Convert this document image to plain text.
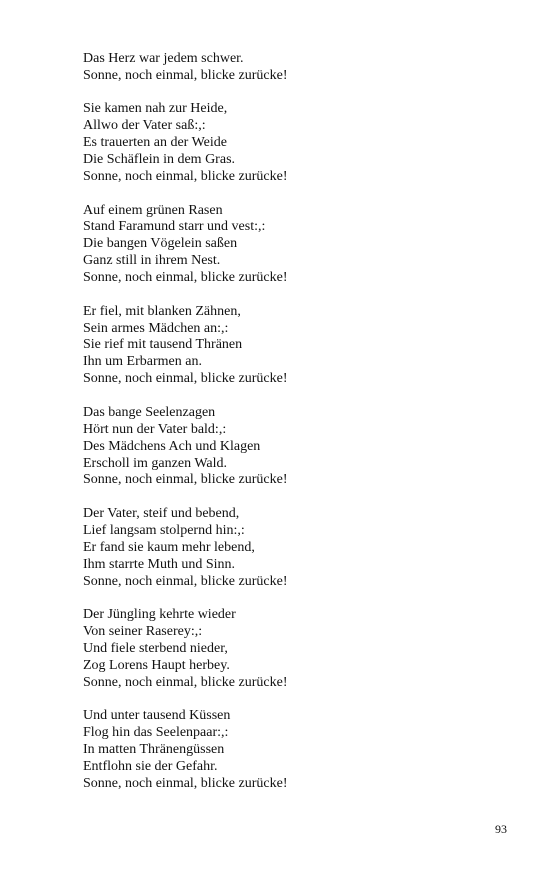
Das Herz war jedem schwer.
Sonne, noch einmal, blicke zurücke!
Sie kamen nah zur Heide,
Allwo der Vater saß:,:
Es trauerten an der Weide
Die Schäflein in dem Gras.
Sonne, noch einmal, blicke zurücke!
Auf einem grünen Rasen
Stand Faramund starr und vest:,:
Die bangen Vögelein saßen
Ganz still in ihrem Nest.
Sonne, noch einmal, blicke zurücke!
Er fiel, mit blanken Zähnen,
Sein armes Mädchen an:,:
Sie rief mit tausend Thränen
Ihn um Erbarmen an.
Sonne, noch einmal, blicke zurücke!
Das bange Seelenzagen
Hört nun der Vater bald:,:
Des Mädchens Ach und Klagen
Erscholl im ganzen Wald.
Sonne, noch einmal, blicke zurücke!
Der Vater, steif und bebend,
Lief langsam stolpernd hin:,:
Er fand sie kaum mehr lebend,
Ihm starrte Muth und Sinn.
Sonne, noch einmal, blicke zurücke!
Der Jüngling kehrte wieder
Von seiner Raserey:,:
Und fiele sterbend nieder,
Zog Lorens Haupt herbey.
Sonne, noch einmal, blicke zurücke!
Und unter tausend Küssen
Flog hin das Seelenpaar:,:
In matten Thränengüssen
Entflohn sie der Gefahr.
Sonne, noch einmal, blicke zurücke!
93
